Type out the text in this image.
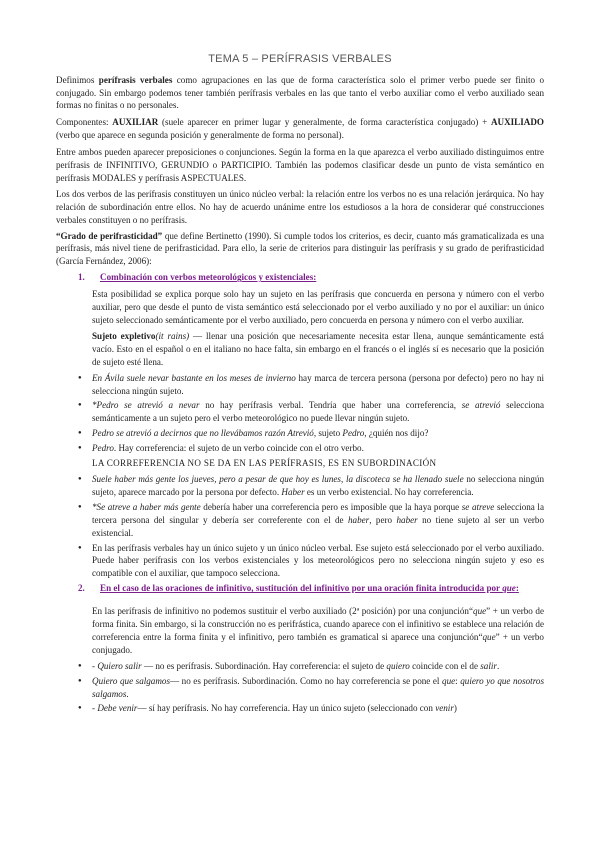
TEMA 5 – PERÍFRASIS VERBALES

Definimos perífrasis verbales como agrupaciones en las que de forma característica solo el primer verbo puede ser finito o conjugado. Sin embargo podemos tener también perífrasis verbales en las que tanto el verbo auxiliar como el verbo auxiliado sean formas no finitas o no personales.

Componentes: AUXILIAR (suele aparecer en primer lugar y generalmente, de forma característica conjugado) + AUXILIADO (verbo que aparece en segunda posición y generalmente de forma no personal).

Entre ambos pueden aparecer preposiciones o conjunciones. Según la forma en la que aparezca el verbo auxiliado distinguimos entre perífrasis de INFINITIVO, GERUNDIO o PARTICIPIO. También las podemos clasificar desde un punto de vista semántico en perífrasis MODALES y perífrasis ASPECTUALES.

Los dos verbos de las perífrasis constituyen un único núcleo verbal: la relación entre los verbos no es una relación jerárquica. No hay relación de subordinación entre ellos. No hay de acuerdo unánime entre los estudiosos a la hora de considerar qué construcciones verbales constituyen o no perífrasis.

“Grado de perifrasticidad” que define Bertinetto (1990). Si cumple todos los criterios, es decir, cuanto más gramaticalizada es una perífrasis, más nivel tiene de perifrasticidad. Para ello, la serie de criterios para distinguir las perífrasis y su grado de perifrasticidad (García Fernández, 2006):

1.	Combinación con verbos meteorológicos y existenciales:

Esta posibilidad se explica porque solo hay un sujeto en las perífrasis que concuerda en persona y número con el verbo auxiliar, pero que desde el punto de vista semántico está seleccionado por el verbo auxiliado y no por el auxiliar: un único sujeto seleccionado semánticamente por el verbo auxiliado, pero concuerda en persona y número con el verbo auxiliar.

Sujeto expletivo(it rains) — llenar una posición que necesariamente necesita estar llena, aunque semánticamente está vacío. Esto en el español o en el italiano no hace falta, sin embargo en el francés o el inglés sí es necesario que la posición de sujeto esté llena.

● En Ávila suele nevar bastante en los meses de invierno hay marca de tercera persona (persona por defecto) pero no hay ni selecciona ningún sujeto.
● *Pedro se atrevió a nevar no hay perífrasis verbal. Tendría que haber una correferencia, se atrevió selecciona semánticamente a un sujeto pero el verbo meteorológico no puede llevar ningún sujeto.
● Pedro se atrevió a decirnos que no llevábamos razón Atrevió, sujeto Pedro, ¿quién nos dijo?
● Pedro. Hay correferencia: el sujeto de un verbo coincide con el otro verbo.

LA CORREFERENCIA NO SE DA EN LAS PERÍFRASIS, ES EN SUBORDINACIÓN

● Suele haber más gente los jueves, pero a pesar de que hoy es lunes, la discoteca se ha llenado suele no selecciona ningún sujeto, aparece marcado por la persona por defecto. Haber es un verbo existencial. No hay correferencia.
● *Se atreve a haber más gente debería haber una correferencia pero es imposible que la haya porque se atreve selecciona la tercera persona del singular y debería ser correferente con el de haber, pero haber no tiene sujeto al ser un verbo existencial.
● En las perífrasis verbales hay un único sujeto y un único núcleo verbal. Ese sujeto está seleccionado por el verbo auxiliado. Puede haber perífrasis con los verbos existenciales y los meteorológicos pero no selecciona ningún sujeto y eso es compatible con el auxiliar, que tampoco selecciona.
2.	En el caso de las oraciones de infinitivo, sustitución del infinitivo por una oración finita introducida por que:

En las perífrasis de infinitivo no podemos sustituir el verbo auxiliado (2ª posición) por una conjunción“que” + un verbo de forma finita. Sin embargo, si la construcción no es perifrástica, cuando aparece con el infinitivo se establece una relación de correferencia entre la forma finita y el infinitivo, pero también es gramatical si aparece una conjunción“que” + un verbo conjugado.

● - Quiero salir — no es perífrasis. Subordinación. Hay correferencia: el sujeto de quiero coincide con el de salir.
● Quiero que salgamos— no es perífrasis. Subordinación. Como no hay correferencia se pone el que: quiero yo que nosotros salgamos.
● - Debe venir— sí hay perífrasis. No hay correferencia. Hay un único sujeto (seleccionado con venir)
